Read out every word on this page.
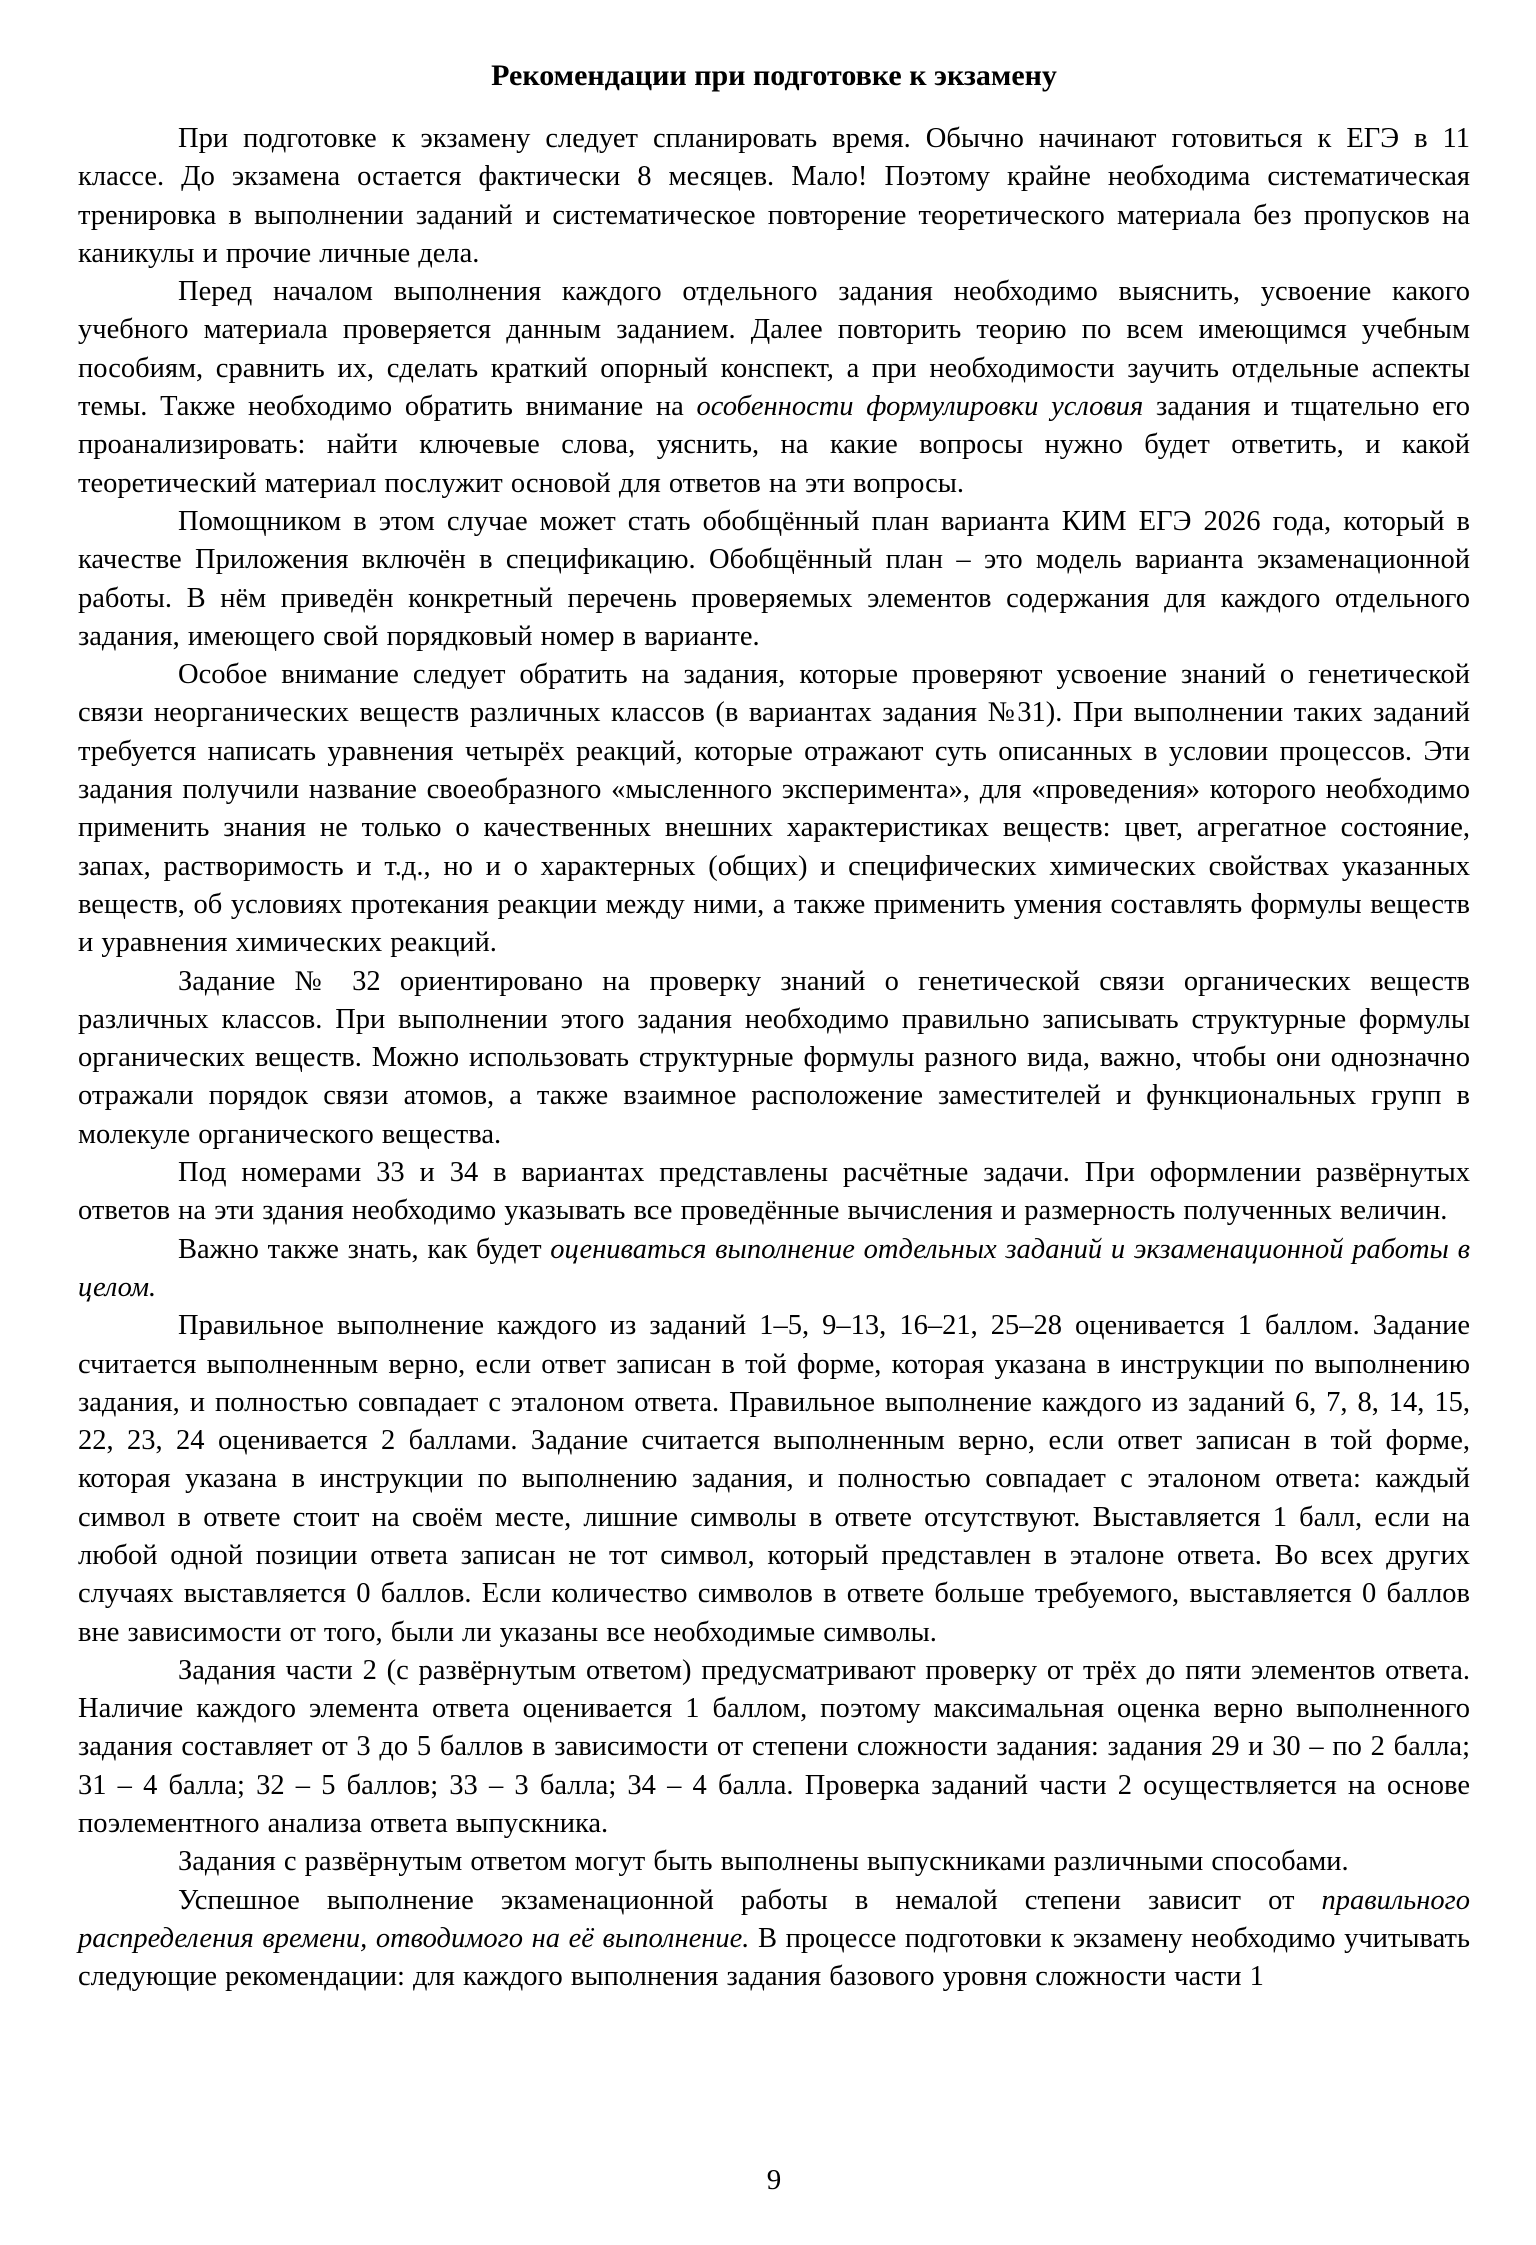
Рекомендации при подготовке к экзамену

При подготовке к экзамену следует спланировать время. Обычно начинают готовиться к ЕГЭ в 11 классе. До экзамена остается фактически 8 месяцев. Мало! Поэтому крайне необходима систематическая тренировка в выполнении заданий и систематическое повторение теоретического материала без пропусков на каникулы и прочие личные дела.

Перед началом выполнения каждого отдельного задания необходимо выяснить, усвоение какого учебного материала проверяется данным заданием. Далее повторить теорию по всем имеющимся учебным пособиям, сравнить их, сделать краткий опорный конспект, а при необходимости заучить отдельные аспекты темы. Также необходимо обратить внимание на особенности формулировки условия задания и тщательно его проанализировать: найти ключевые слова, уяснить, на какие вопросы нужно будет ответить, и какой теоретический материал послужит основой для ответов на эти вопросы.

Помощником в этом случае может стать обобщённый план варианта КИМ ЕГЭ 2026 года, который в качестве Приложения включён в спецификацию. Обобщённый план – это модель варианта экзаменационной работы. В нём приведён конкретный перечень проверяемых элементов содержания для каждого отдельного задания, имеющего свой порядковый номер в варианте.

Особое внимание следует обратить на задания, которые проверяют усвоение знаний о генетической связи неорганических веществ различных классов (в вариантах задания №31). При выполнении таких заданий требуется написать уравнения четырёх реакций, которые отражают суть описанных в условии процессов. Эти задания получили название своеобразного «мысленного эксперимента», для «проведения» которого необходимо применить знания не только о качественных внешних характеристиках веществ: цвет, агрегатное состояние, запах, растворимость и т.д., но и о характерных (общих) и специфических химических свойствах указанных веществ, об условиях протекания реакции между ними, а также применить умения составлять формулы веществ и уравнения химических реакций.

Задание № 32 ориентировано на проверку знаний о генетической связи органических веществ различных классов. При выполнении этого задания необходимо правильно записывать структурные формулы органических веществ. Можно использовать структурные формулы разного вида, важно, чтобы они однозначно отражали порядок связи атомов, а также взаимное расположение заместителей и функциональных групп в молекуле органического вещества.

Под номерами 33 и 34 в вариантах представлены расчётные задачи. При оформлении развёрнутых ответов на эти здания необходимо указывать все проведённые вычисления и размерность полученных величин.

Важно также знать, как будет оцениваться выполнение отдельных заданий и экзаменационной работы в целом.

Правильное выполнение каждого из заданий 1–5, 9–13, 16–21, 25–28 оценивается 1 баллом. Задание считается выполненным верно, если ответ записан в той форме, которая указана в инструкции по выполнению задания, и полностью совпадает с эталоном ответа. Правильное выполнение каждого из заданий 6, 7, 8, 14, 15, 22, 23, 24 оценивается 2 баллами. Задание считается выполненным верно, если ответ записан в той форме, которая указана в инструкции по выполнению задания, и полностью совпадает с эталоном ответа: каждый символ в ответе стоит на своём месте, лишние символы в ответе отсутствуют. Выставляется 1 балл, если на любой одной позиции ответа записан не тот символ, который представлен в эталоне ответа. Во всех других случаях выставляется 0 баллов. Если количество символов в ответе больше требуемого, выставляется 0 баллов вне зависимости от того, были ли указаны все необходимые символы.

Задания части 2 (с развёрнутым ответом) предусматривают проверку от трёх до пяти элементов ответа. Наличие каждого элемента ответа оценивается 1 баллом, поэтому максимальная оценка верно выполненного задания составляет от 3 до 5 баллов в зависимости от степени сложности задания: задания 29 и 30 – по 2 балла; 31 – 4 балла; 32 – 5 баллов; 33 – 3 балла; 34 – 4 балла. Проверка заданий части 2 осуществляется на основе поэлементного анализа ответа выпускника.

Задания с развёрнутым ответом могут быть выполнены выпускниками различными способами.

Успешное выполнение экзаменационной работы в немалой степени зависит от правильного распределения времени, отводимого на её выполнение. В процессе подготовки к экзамену необходимо учитывать следующие рекомендации: для каждого выполнения задания базового уровня сложности части 1

9
